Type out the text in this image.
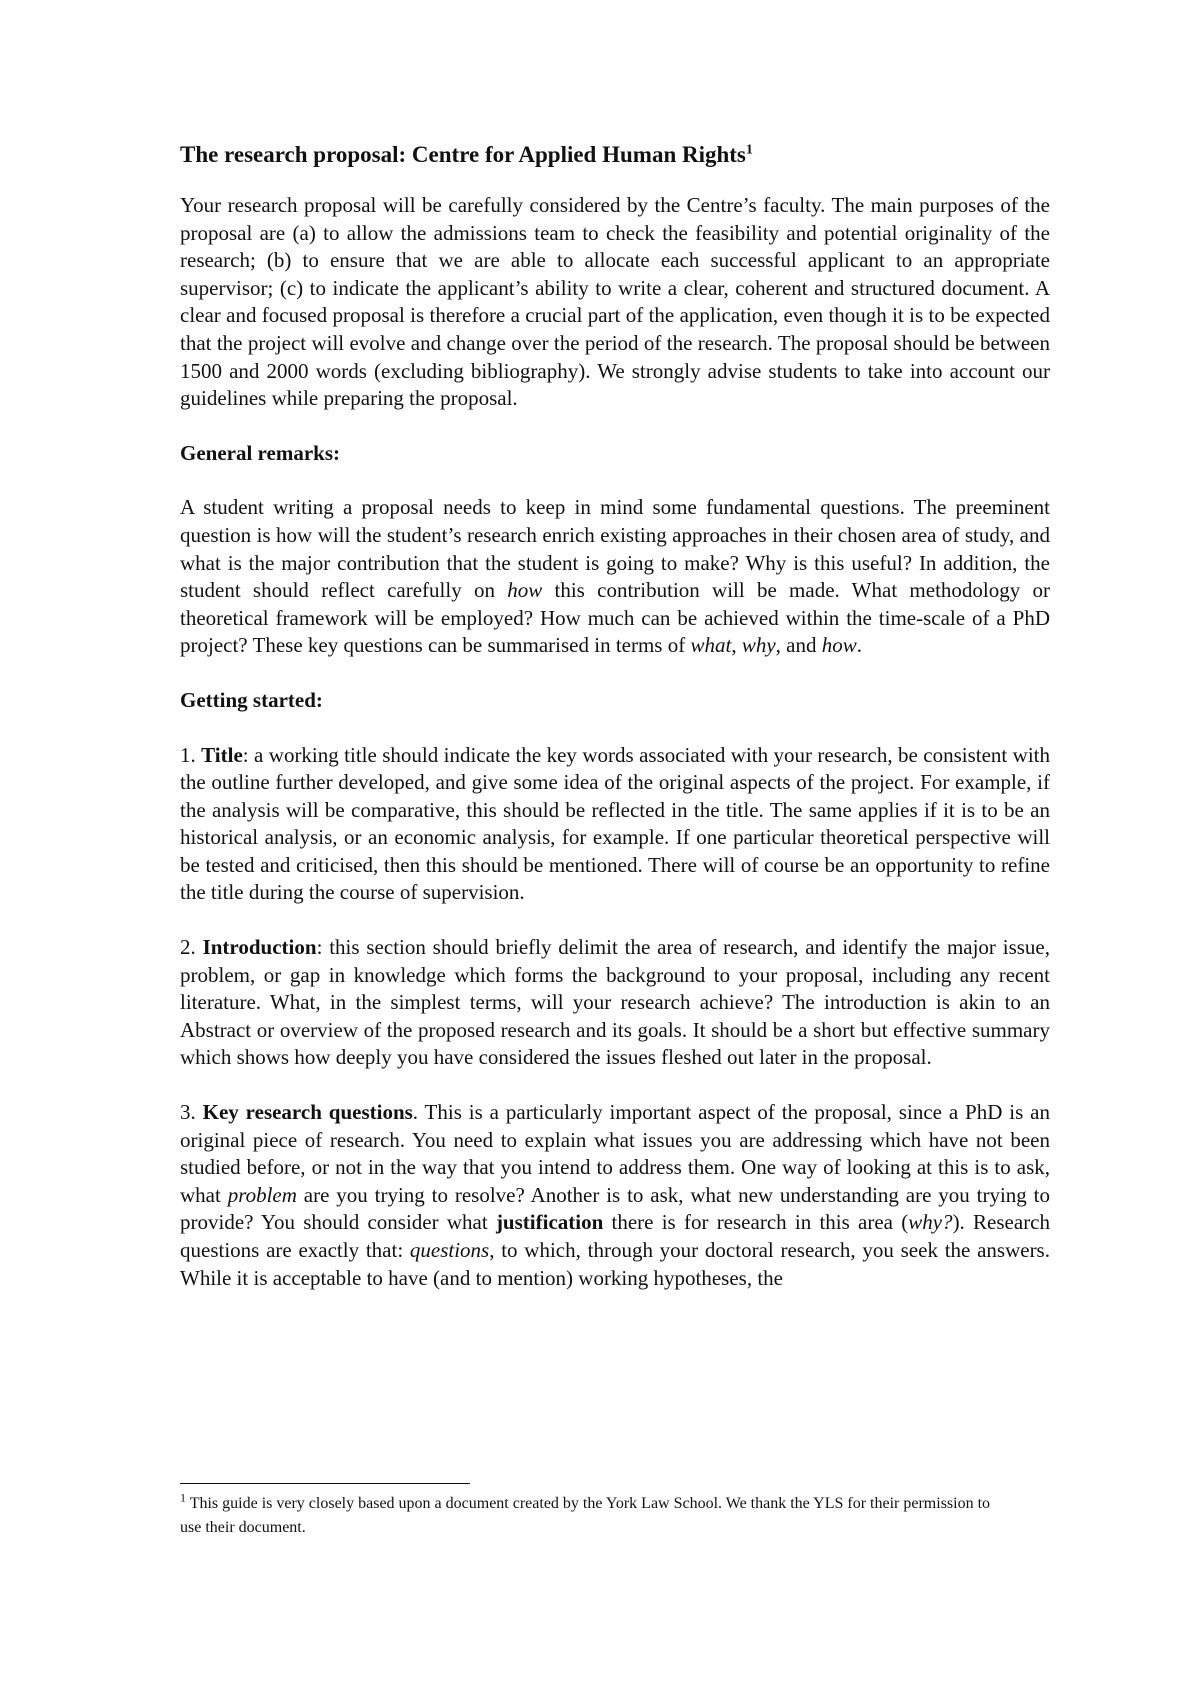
The research proposal: Centre for Applied Human Rights$^1$

Your research proposal will be carefully considered by the Centre’s faculty. The main purposes of the proposal are (a) to allow the admissions team to check the feasibility and potential originality of the research; (b) to ensure that we are able to allocate each successful applicant to an appropriate supervisor; (c) to indicate the applicant’s ability to write a clear, coherent and structured document. A clear and focused proposal is therefore a crucial part of the application, even though it is to be expected that the project will evolve and change over the period of the research. The proposal should be between 1500 and 2000 words (excluding bibliography). We strongly advise students to take into account our guidelines while preparing the proposal.

General remarks:

A student writing a proposal needs to keep in mind some fundamental questions. The preeminent question is how will the student’s research enrich existing approaches in their chosen area of study, and what is the major contribution that the student is going to make? Why is this useful? In addition, the student should reflect carefully on how this contribution will be made. What methodology or theoretical framework will be employed? How much can be achieved within the time-scale of a PhD project? These key questions can be summarised in terms of what, why, and how.

Getting started:

1. Title: a working title should indicate the key words associated with your research, be consistent with the outline further developed, and give some idea of the original aspects of the project. For example, if the analysis will be comparative, this should be reflected in the title. The same applies if it is to be an historical analysis, or an economic analysis, for example. If one particular theoretical perspective will be tested and criticised, then this should be mentioned. There will of course be an opportunity to refine the title during the course of supervision.

2. Introduction: this section should briefly delimit the area of research, and identify the major issue, problem, or gap in knowledge which forms the background to your proposal, including any recent literature. What, in the simplest terms, will your research achieve? The introduction is akin to an Abstract or overview of the proposed research and its goals. It should be a short but effective summary which shows how deeply you have considered the issues fleshed out later in the proposal.

3. Key research questions. This is a particularly important aspect of the proposal, since a PhD is an original piece of research. You need to explain what issues you are addressing which have not been studied before, or not in the way that you intend to address them. One way of looking at this is to ask, what problem are you trying to resolve? Another is to ask, what new understanding are you trying to provide? You should consider what justification there is for research in this area (why?). Research questions are exactly that: questions, to which, through your doctoral research, you seek the answers. While it is acceptable to have (and to mention) working hypotheses, the

$^1$ This guide is very closely based upon a document created by the York Law School. We thank the YLS for their permission to use their document.
